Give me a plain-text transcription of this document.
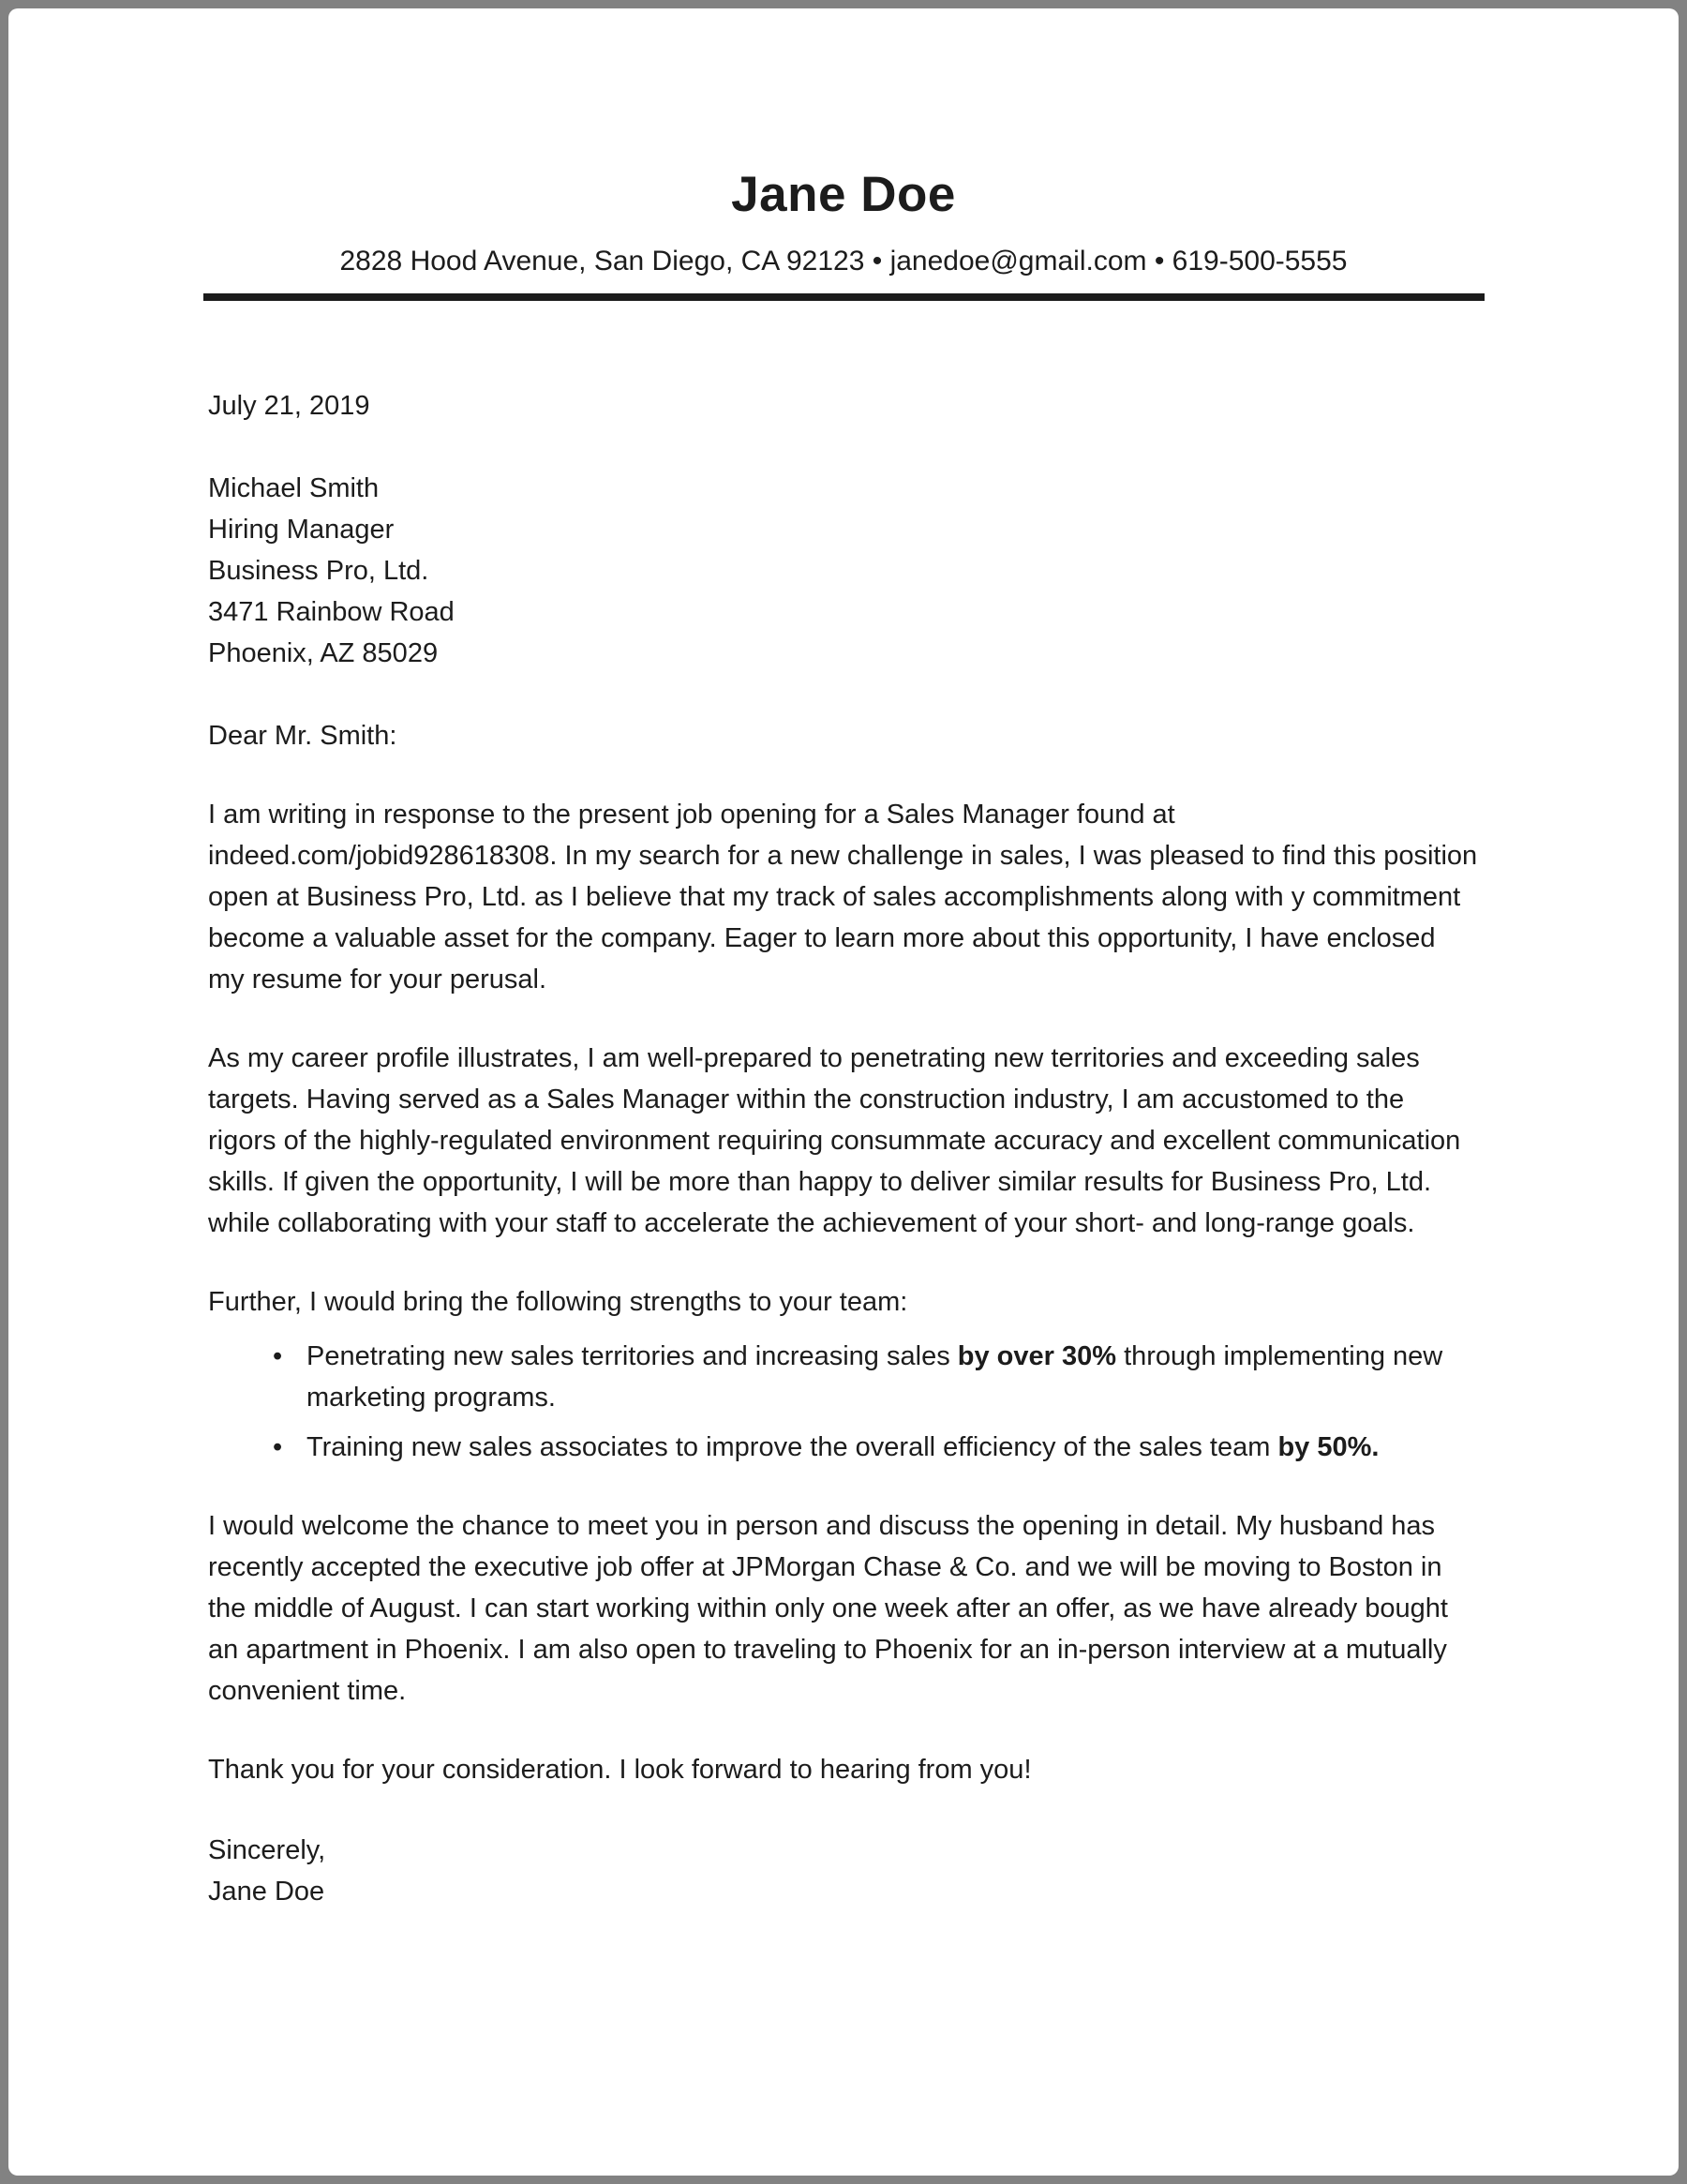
Jane Doe

2828 Hood Avenue, San Diego, CA 92123 • janedoe@gmail.com • 619-500-5555

July 21, 2019

Michael Smith

Hiring Manager

Business Pro, Ltd.

3471 Rainbow Road

Phoenix, AZ 85029

Dear Mr. Smith:

I am writing in response to the present job opening for a Sales Manager found at indeed.com/jobid928618308. In my search for a new challenge in sales, I was pleased to find this position open at Business Pro, Ltd. as I believe that my track of sales accomplishments along with y commitment become a valuable asset for the company. Eager to learn more about this opportunity, I have enclosed my resume for your perusal.

As my career profile illustrates, I am well-prepared to penetrating new territories and exceeding sales targets. Having served as a Sales Manager within the construction industry, I am accustomed to the rigors of the highly-regulated environment requiring consummate accuracy and excellent communication skills. If given the opportunity, I will be more than happy to deliver similar results for Business Pro, Ltd. while collaborating with your staff to accelerate the achievement of your short- and long-range goals.

Further, I would bring the following strengths to your team:

• Penetrating new sales territories and increasing sales by over 30% through implementing new marketing programs.
• Training new sales associates to improve the overall efficiency of the sales team by 50%.

I would welcome the chance to meet you in person and discuss the opening in detail. My husband has recently accepted the executive job offer at JPMorgan Chase & Co. and we will be moving to Boston in the middle of August. I can start working within only one week after an offer, as we have already bought an apartment in Phoenix. I am also open to traveling to Phoenix for an in-person interview at a mutually convenient time.

Thank you for your consideration. I look forward to hearing from you!

Sincerely,

Jane Doe
